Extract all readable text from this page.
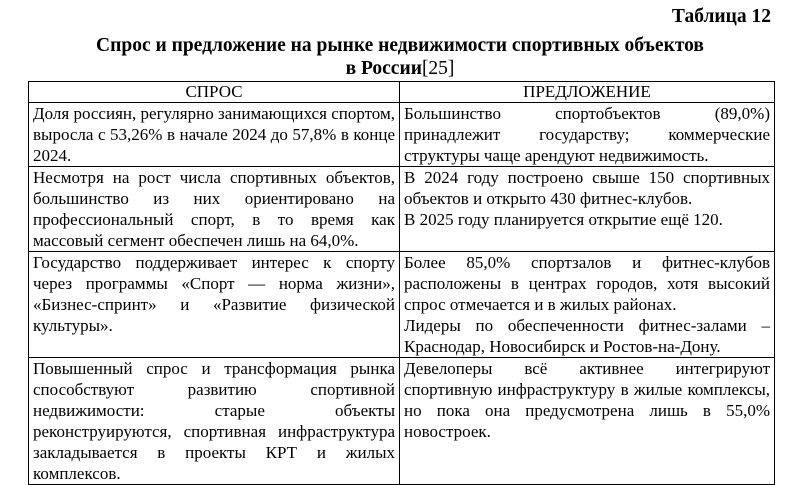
Таблица 12
Спрос и предложение на рынке недвижимости спортивных объектов
в России[25]
СПРОС	ПРЕДЛОЖЕНИЕ
Доля россиян, регулярно занимающихся спортом, выросла с 53,26% в начале 2024 до 57,8% в конце 2024.	Большинство спортобъектов (89,0%) принадлежит государству; коммерческие структуры чаще арендуют недвижимость.

Несмотря на рост числа спортивных объектов, большинство из них ориентировано на профессиональный спорт, в то время как массовый сегмент обеспечен лишь на 64,0%.	В 2024 году построено свыше 150 спортивных объектов и открыто 430 фитнес-клубов.
В 2025 году планируется открытие ещё 120.

Государство поддерживает интерес к спорту через программы «Спорт — норма жизни», «Бизнес-спринт» и «Развитие физической культуры».	Более 85,0% спортзалов и фитнес-клубов расположены в центрах городов, хотя высокий спрос отмечается и в жилых районах.
Лидеры по обеспеченности фитнес-залами – Краснодар, Новосибирск и Ростов-на-Дону.

Повышенный спрос и трансформация рынка способствуют развитию спортивной недвижимости: старые объекты реконструируются, спортивная инфраструктура закладывается в проекты КРТ и жилых комплексов.	Девелоперы всё активнее интегрируют спортивную инфраструктуру в жилые комплексы, но пока она предусмотрена лишь в 55,0% новостроек.
